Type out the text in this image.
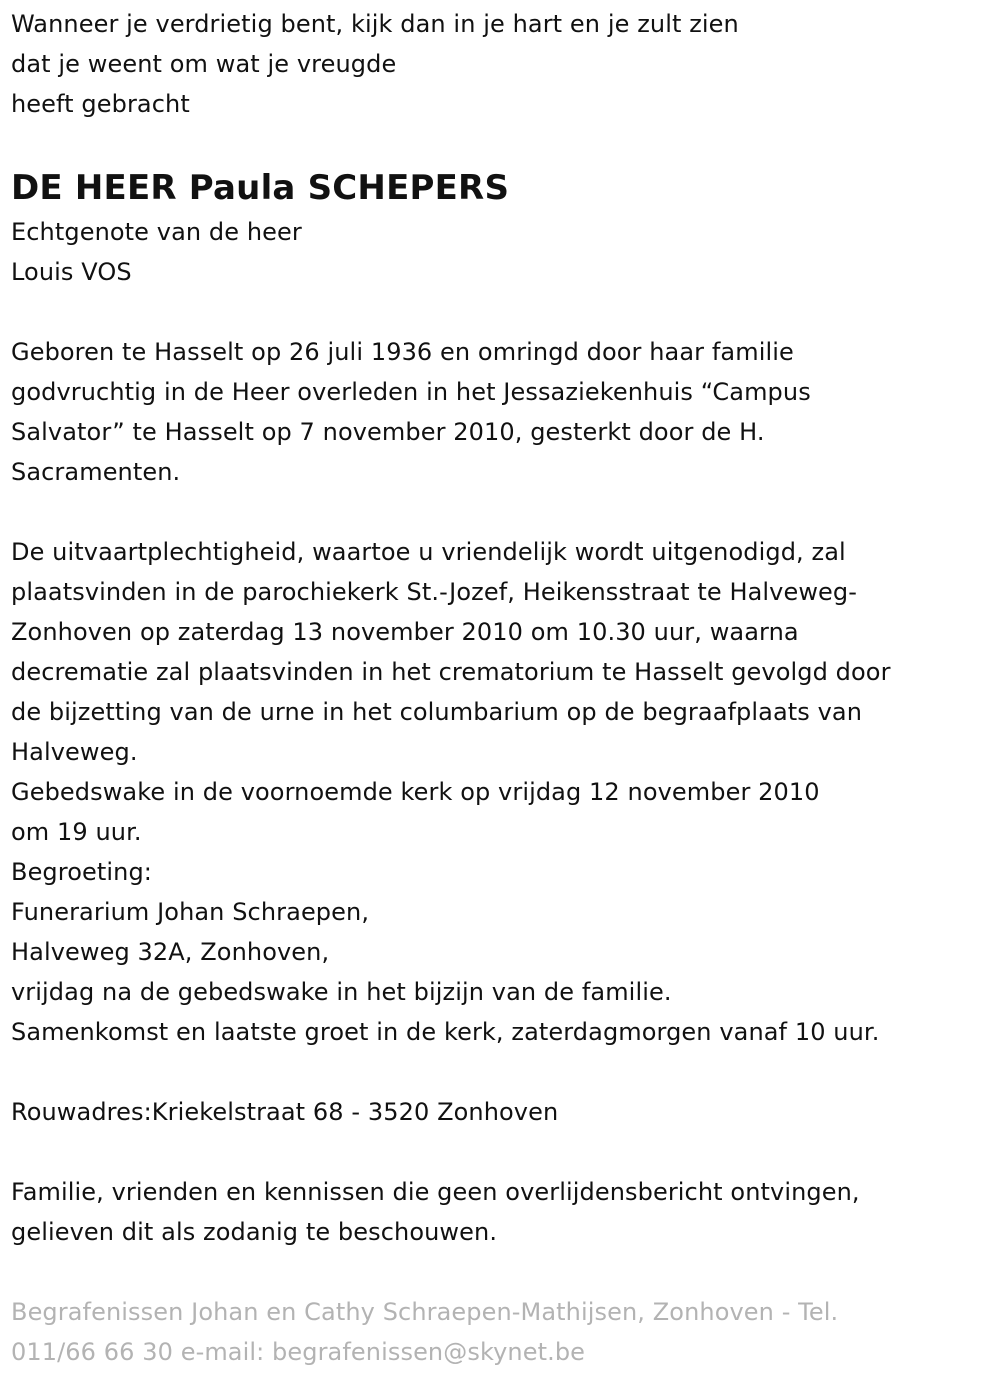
Wanneer je verdrietig bent, kijk dan in je hart en je zult zien
dat je weent om wat je vreugde
heeft gebracht
DE HEER Paula SCHEPERS
Echtgenote van de heer
Louis VOS
Geboren te Hasselt op 26 juli 1936 en omringd door haar familie
godvruchtig in de Heer overleden in het Jessaziekenhuis “Campus
Salvator” te Hasselt op 7 november 2010, gesterkt door de H.
Sacramenten.
De uitvaartplechtigheid, waartoe u vriendelijk wordt uitgenodigd, zal
plaatsvinden in de parochiekerk St.-Jozef, Heikensstraat te Halveweg-
Zonhoven op zaterdag 13 november 2010 om 10.30 uur, waarna
decrematie zal plaatsvinden in het crematorium te Hasselt gevolgd door
de bijzetting van de urne in het columbarium op de begraafplaats van
Halveweg.
Gebedswake in de voornoemde kerk op vrijdag 12 november 2010
om 19 uur.
Begroeting:
Funerarium Johan Schraepen,
Halveweg 32A, Zonhoven,
vrijdag na de gebedswake in het bijzijn van de familie.
Samenkomst en laatste groet in de kerk, zaterdagmorgen vanaf 10 uur.
Rouwadres:Kriekelstraat 68 - 3520 Zonhoven
Familie, vrienden en kennissen die geen overlijdensbericht ontvingen,
gelieven dit als zodanig te beschouwen.
Begrafenissen Johan en Cathy Schraepen-Mathijsen, Zonhoven - Tel.
011/66 66 30 e-mail: begrafenissen@skynet.be
